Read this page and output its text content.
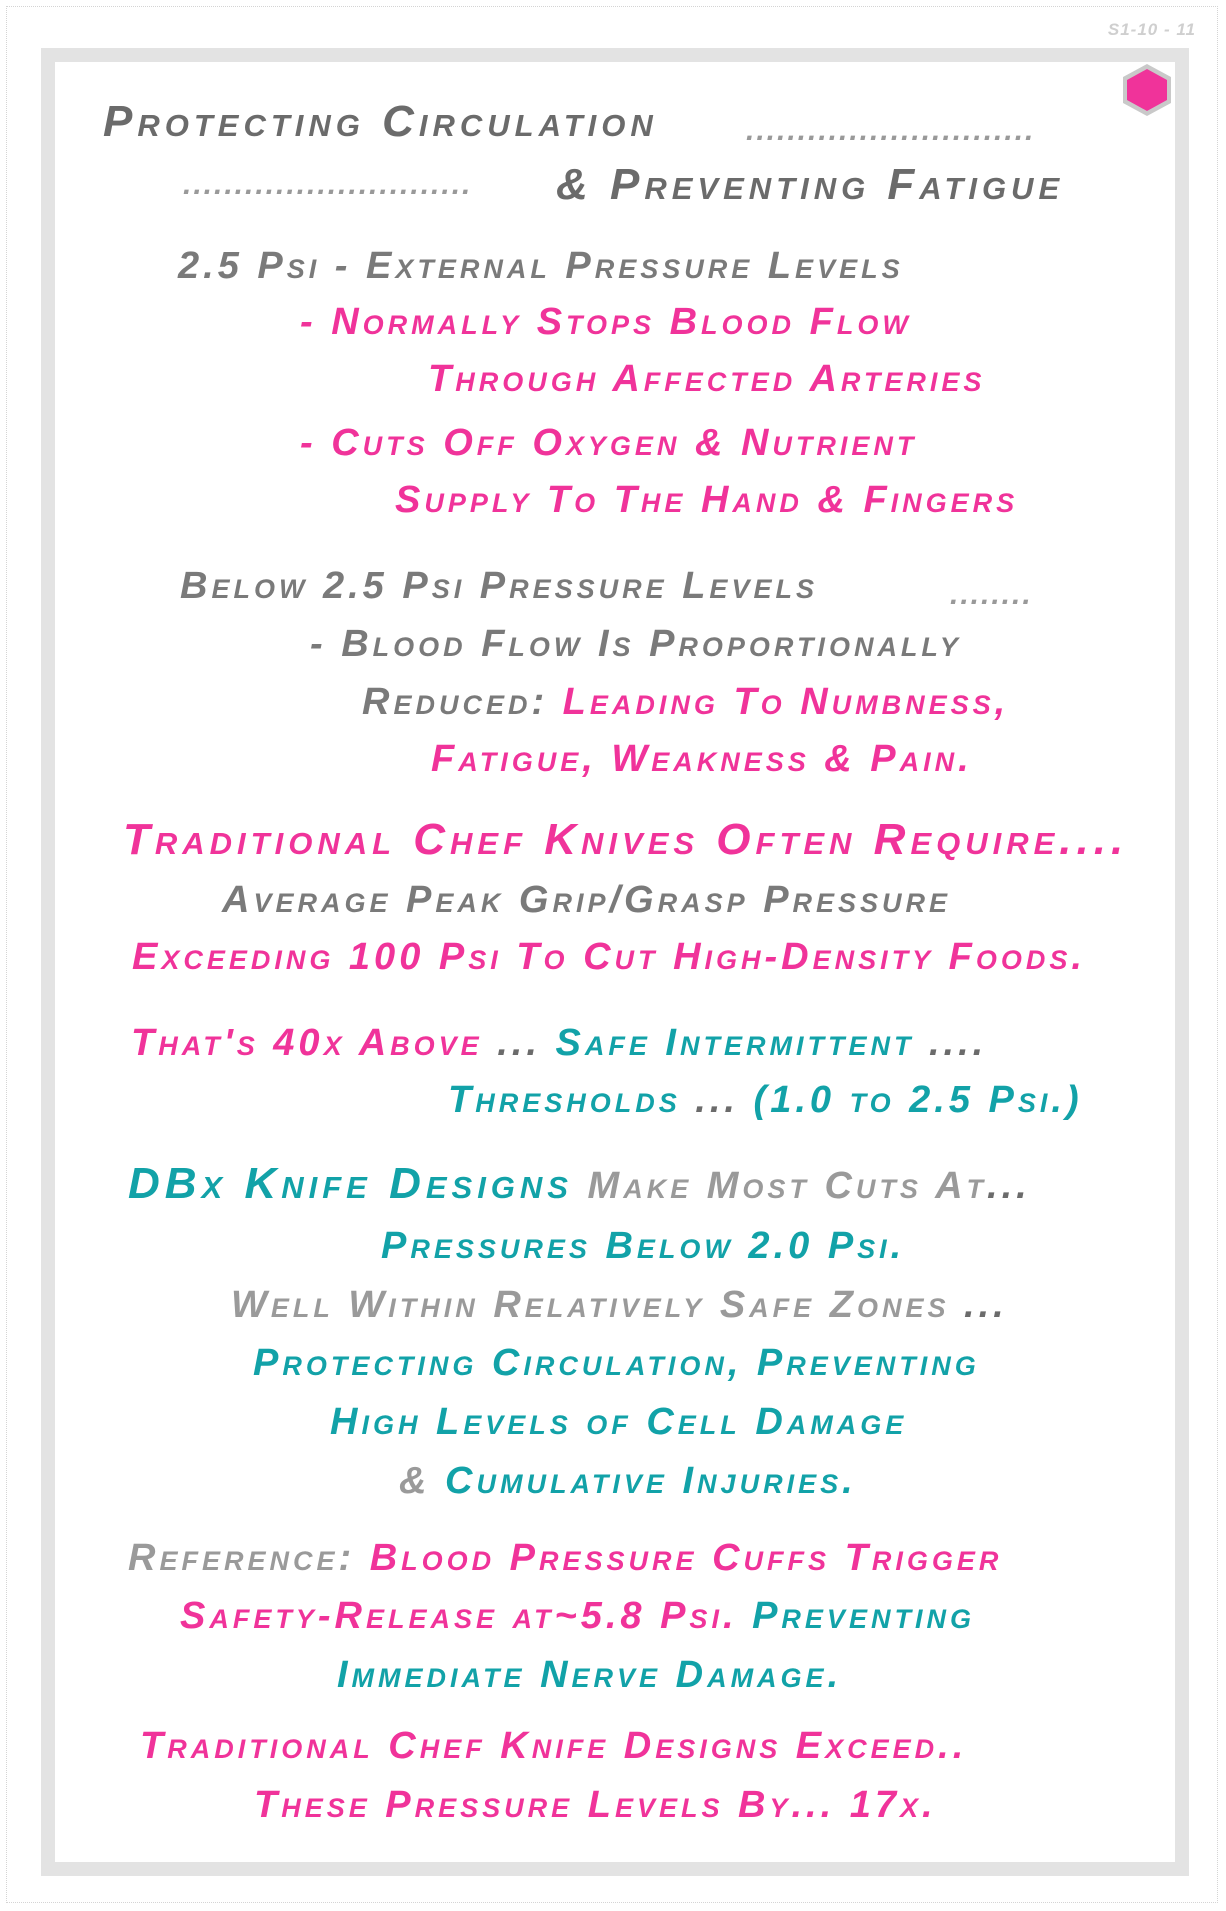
S1-10 - 11
Protecting Circulation	............................
............................ & Preventing Fatigue
2.5 Psi - External Pressure Levels
- Normally Stops Blood Flow
Through Affected Arteries
- Cuts Off Oxygen & Nutrient
Supply To The Hand & Fingers
Below 2.5 Psi Pressure Levels	........
- Blood Flow Is Proportionally
Reduced: Leading To Numbness,
Fatigue, Weakness & Pain.
Traditional Chef Knives Often Require....
Average Peak Grip/Grasp Pressure
Exceeding 100 Psi To Cut High-Density Foods.
That's 40x Above ... Safe Intermittent ....
Thresholds ... (1.0 to 2.5 Psi.)
DBx Knife Designs Make Most Cuts At...
Pressures Below 2.0 Psi.
Well Within Relatively Safe Zones ...
Protecting Circulation, Preventing
High Levels of Cell Damage
& Cumulative Injuries.
Reference: Blood Pressure Cuffs Trigger
Safety-Release at~5.8 Psi. Preventing
Immediate Nerve Damage.
Traditional Chef Knife Designs Exceed..
These Pressure Levels By... 17x.
